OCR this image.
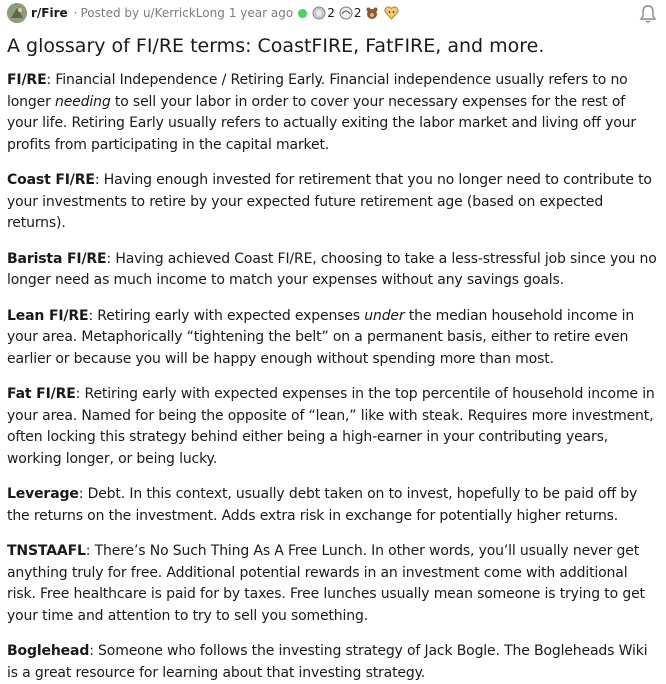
r/Fire · Posted by u/KerrickLong 1 year ago	2 2
A glossary of FI/RE terms: CoastFIRE, FatFIRE, and more.

FI/RE: Financial Independence / Retiring Early. Financial independence usually refers to no longer needing to sell your labor in order to cover your necessary expenses for the rest of your life. Retiring Early usually refers to actually exiting the labor market and living off your profits from participating in the capital market.

Coast FI/RE: Having enough invested for retirement that you no longer need to contribute to your investments to retire by your expected future retirement age (based on expected returns).

Barista FI/RE: Having achieved Coast FI/RE, choosing to take a less-stressful job since you no longer need as much income to match your expenses without any savings goals.

Lean FI/RE: Retiring early with expected expenses under the median household income in your area. Metaphorically “tightening the belt” on a permanent basis, either to retire even earlier or because you will be happy enough without spending more than most.

Fat FI/RE: Retiring early with expected expenses in the top percentile of household income in your area. Named for being the opposite of “lean,” like with steak. Requires more investment, often locking this strategy behind either being a high-earner in your contributing years, working longer, or being lucky.

Leverage: Debt. In this context, usually debt taken on to invest, hopefully to be paid off by the returns on the investment. Adds extra risk in exchange for potentially higher returns.

TNSTAAFL: There’s No Such Thing As A Free Lunch. In other words, you’ll usually never get anything truly for free. Additional potential rewards in an investment come with additional risk. Free healthcare is paid for by taxes. Free lunches usually mean someone is trying to get your time and attention to try to sell you something.

Boglehead: Someone who follows the investing strategy of Jack Bogle. The Bogleheads Wiki is a great resource for learning about that investing strategy.
